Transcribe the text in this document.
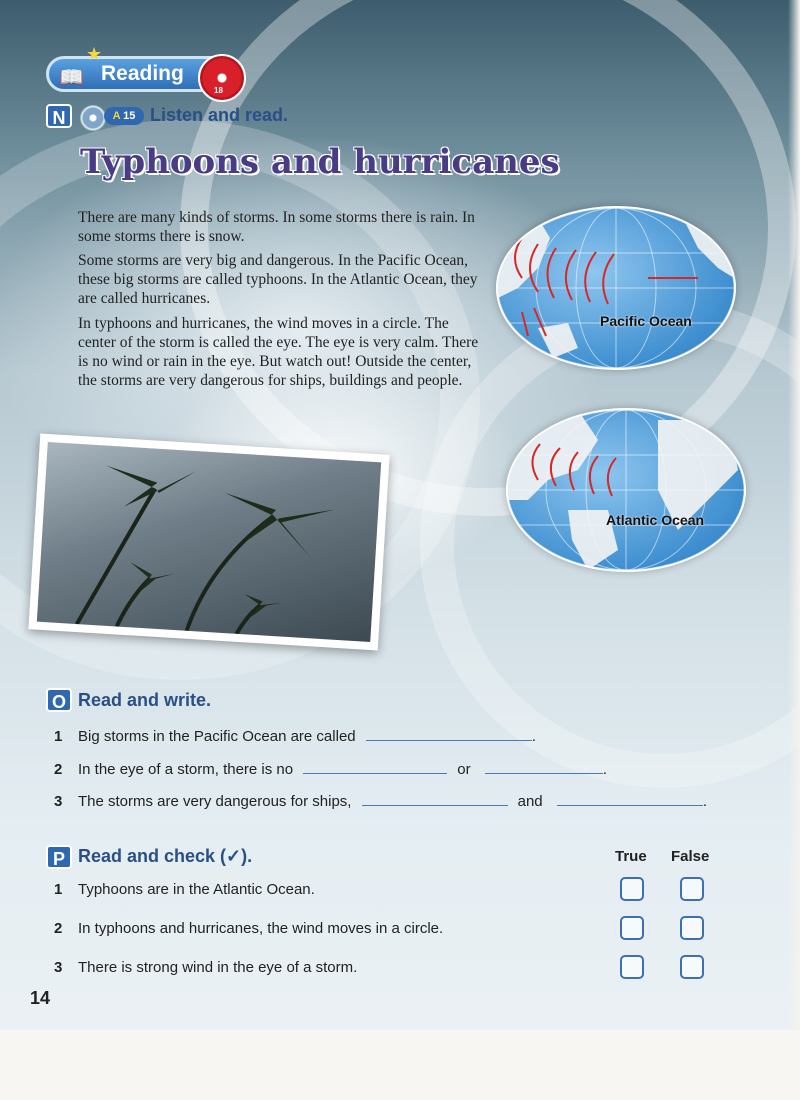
📖 Reading
★
18
N	A 15 Listen and read.
Typhoons and hurricanes

There are many kinds of storms. In some storms there is rain. In some storms there is snow.

Some storms are very big and dangerous. In the Pacific Ocean, these big storms are called typhoons. In the Atlantic Ocean, they are called hurricanes.

In typhoons and hurricanes, the wind moves in a circle. The center of the storm is called the eye. The eye is very calm. There is no wind or rain in the eye. But watch out! Outside the center, the storms are very dangerous for ships, buildings and people.

Pacific Ocean
Atlantic Ocean
O Read and write.
1 Big storms in the Pacific Ocean are called	.
2 In the eye of a storm, there is no	or	.
3 The storms are very dangerous for ships,	and	.
P Read and check (✓).	True False
1 Typhoons are in the Atlantic Ocean.
2 In typhoons and hurricanes, the wind moves in a circle.
3 There is strong wind in the eye of a storm.
14
